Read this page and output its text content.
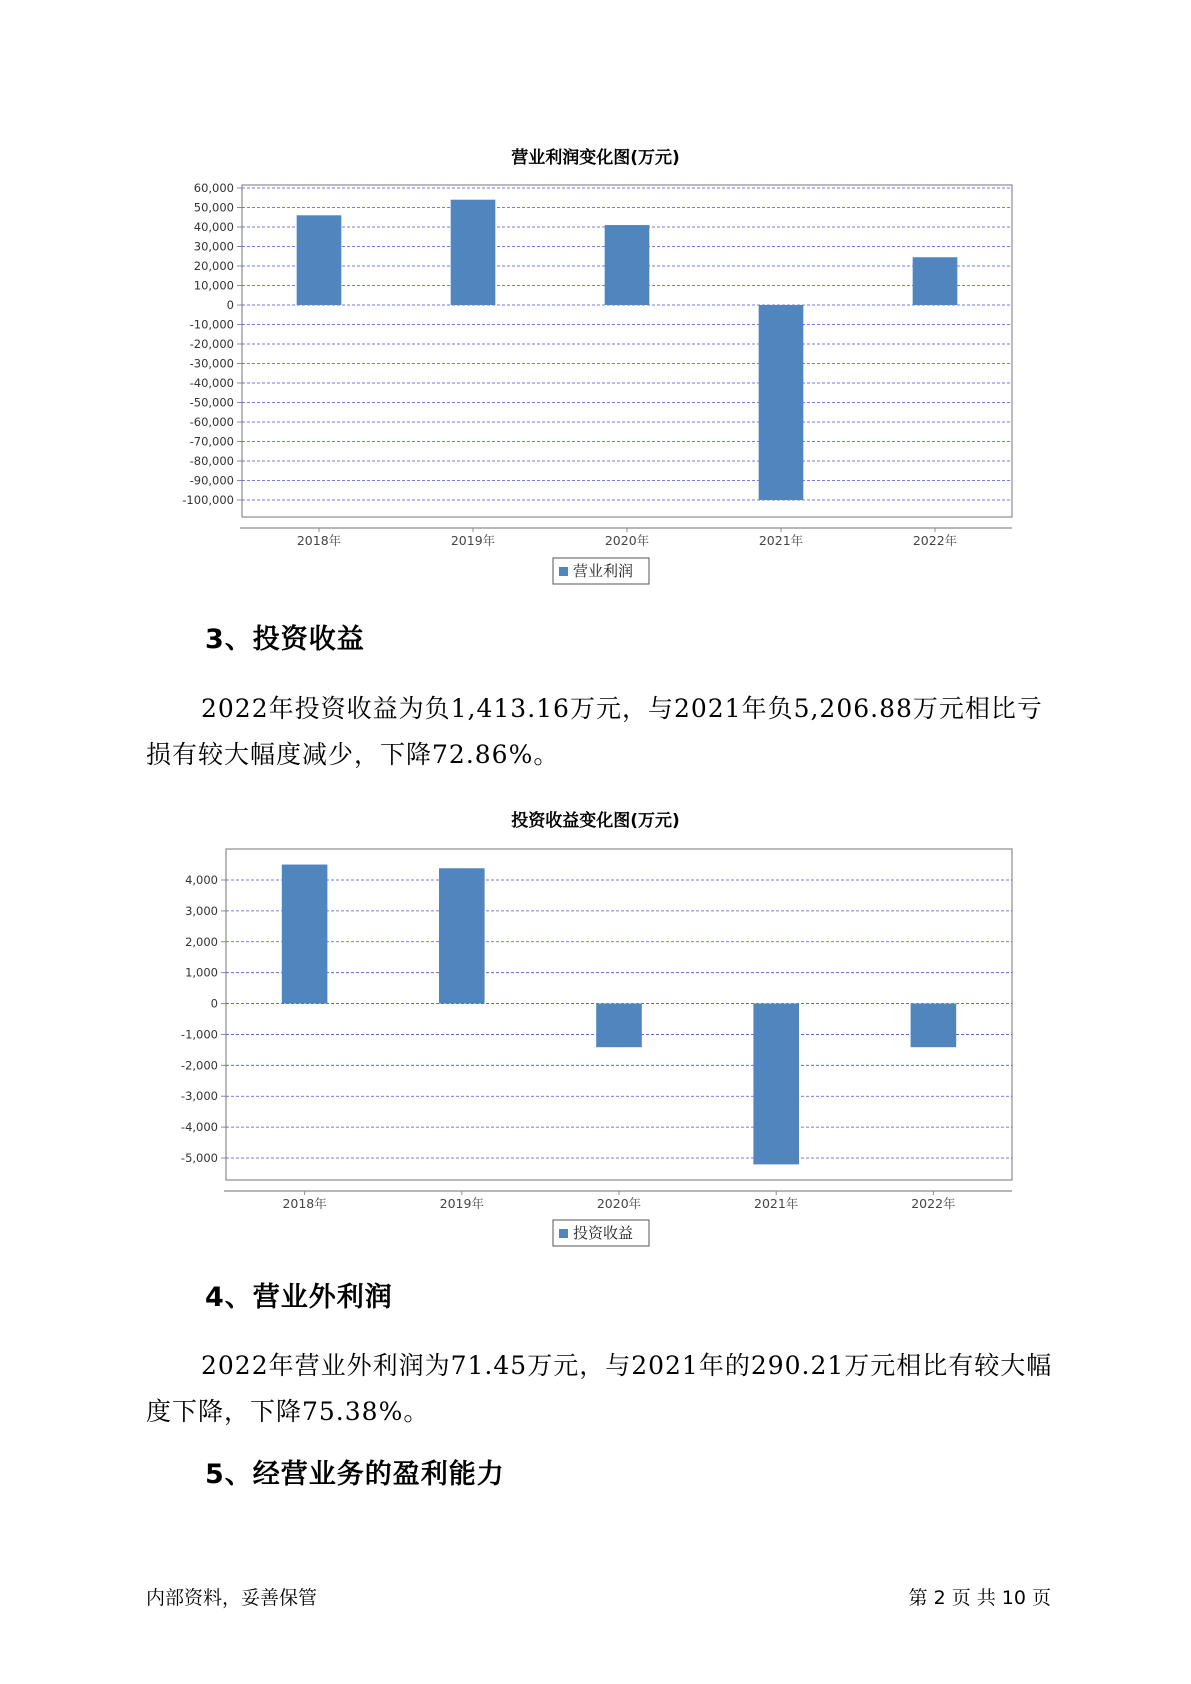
营业利润变化图(万元)
60,000
50,000
40,000
30,000
20,000
10,000
0
-10,000
-20,000
-30,000
-40,000
-50,000
-60,000
-70,000
-80,000
-90,000
-100,000
2018年	2019年	2020年	2021年	2022年
营业利润
3、投资收益
2022年投资收益为负1,413.16万元，与2021年负5,206.88万元相比亏损有较大幅度减少，下降72.86%。
投资收益变化图(万元)
4,000
3,000
2,000
1,000
0
-1,000
-2,000
-3,000
-4,000
-5,000
2018年	2019年	2020年	2021年	2022年
投资收益
4、营业外利润
2022年营业外利润为71.45万元，与2021年的290.21万元相比有较大幅度下降，下降75.38%。
5、经营业务的盈利能力
内部资料，妥善保管	第 2 页 共 10 页
